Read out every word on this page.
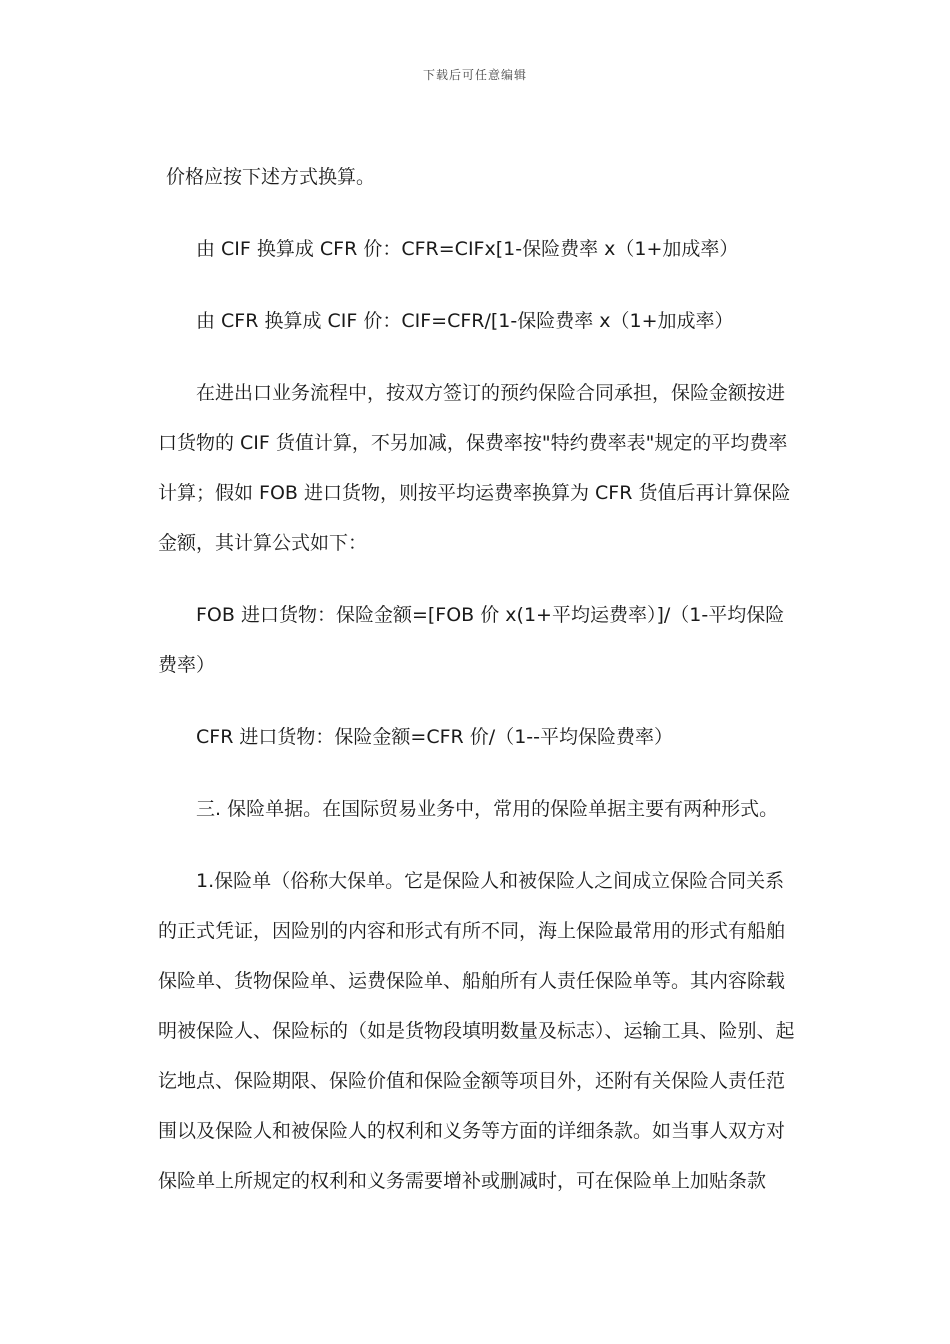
下载后可任意编辑

价格应按下述方式换算。

由 CIF 换算成 CFR 价：CFR=CIFx[1-保险费率 x（1+加成率）

由 CFR 换算成 CIF 价：CIF=CFR/[1-保险费率 x（1+加成率）

在进出口业务流程中，按双方签订的预约保险合同承担，保险金额按进口货物的 CIF 货值计算，不另加减，保费率按"特约费率表"规定的平均费率计算；假如 FOB 进口货物，则按平均运费率换算为 CFR 货值后再计算保险金额，其计算公式如下：

FOB 进口货物：保险金额=[FOB 价 x(1+平均运费率）]/（1-平均保险费率）

CFR 进口货物：保险金额=CFR 价/（1--平均保险费率）

三. 保险单据。在国际贸易业务中，常用的保险单据主要有两种形式。

1.保险单（俗称大保单。它是保险人和被保险人之间成立保险合同关系的正式凭证，因险别的内容和形式有所不同，海上保险最常用的形式有船舶保险单、货物保险单、运费保险单、船舶所有人责任保险单等。其内容除载明被保险人、保险标的（如是货物段填明数量及标志）、运输工具、险别、起讫地点、保险期限、保险价值和保险金额等项目外，还附有关保险人责任范围以及保险人和被保险人的权利和义务等方面的详细条款。如当事人双方对保险单上所规定的权利和义务需要增补或删减时，可在保险单上加贴条款
